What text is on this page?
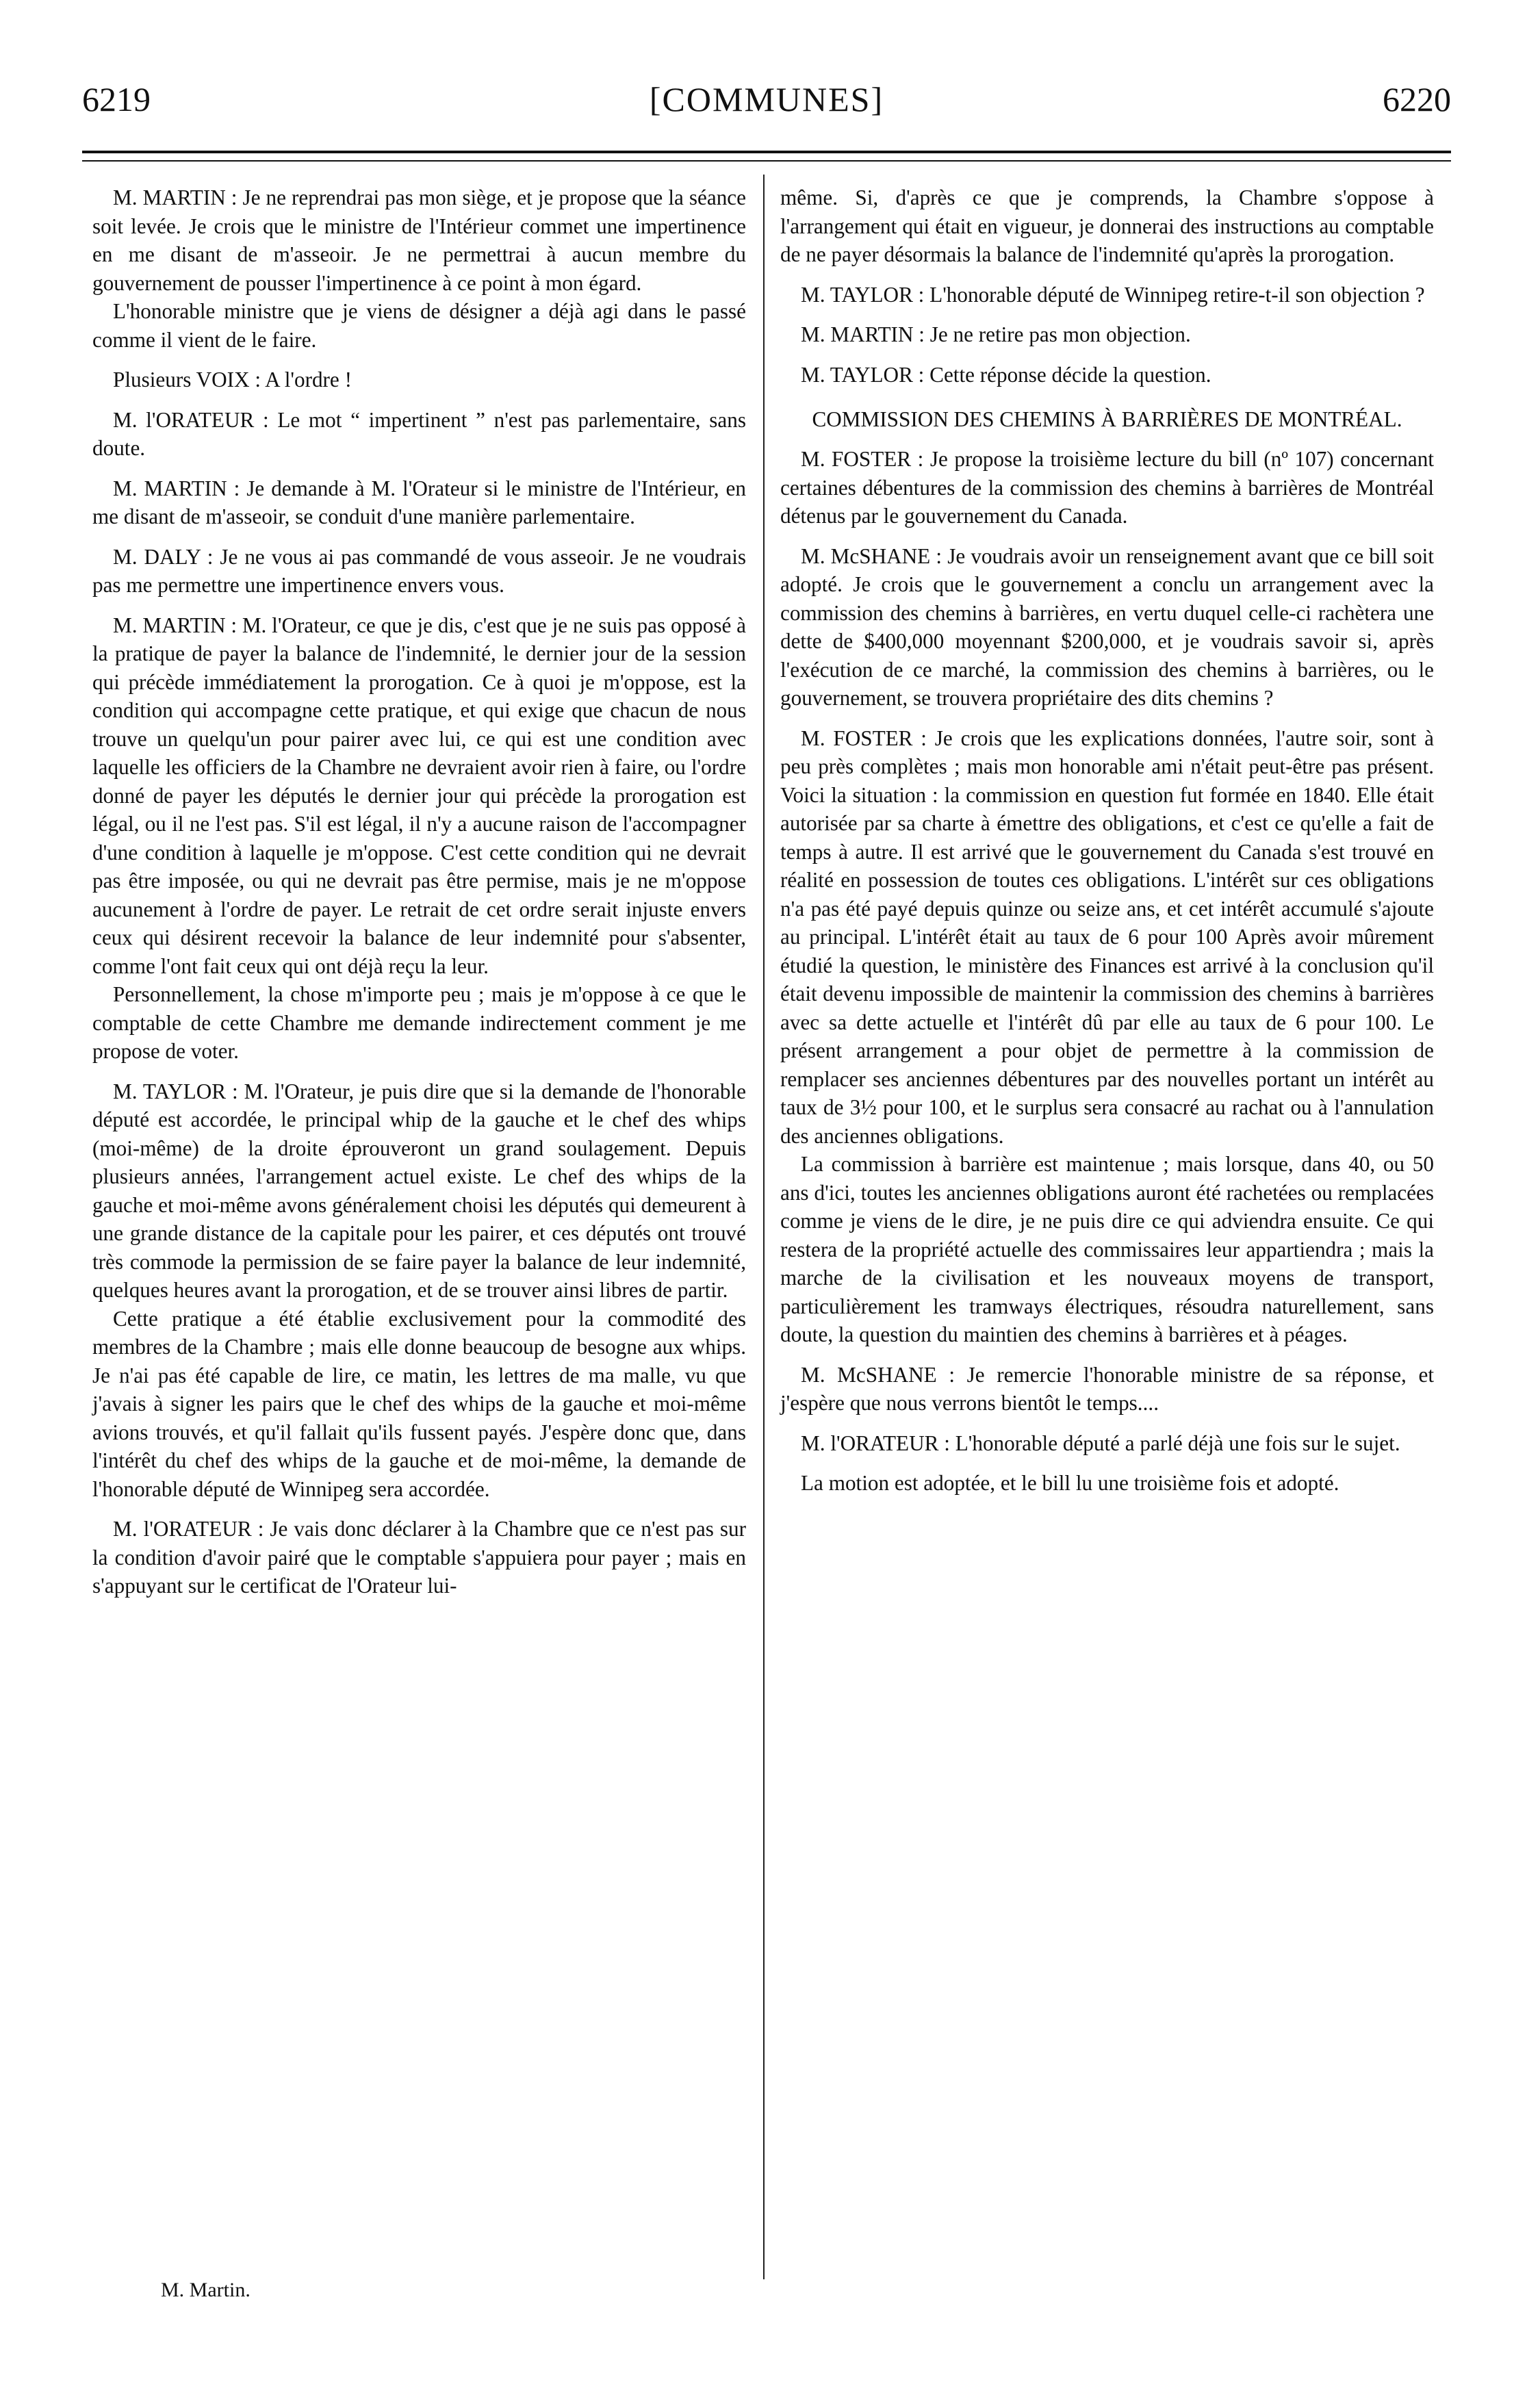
6219	[COMMUNES]	6220

M. MARTIN : Je ne reprendrai pas mon siège, et je propose que la séance soit levée. Je crois que le ministre de l'Intérieur commet une impertinence en me disant de m'asseoir. Je ne permettrai à aucun membre du gouvernement de pousser l'impertinence à ce point à mon égard.

L'honorable ministre que je viens de désigner a déjà agi dans le passé comme il vient de le faire.

Plusieurs VOIX : A l'ordre !

M. l'ORATEUR : Le mot “ impertinent ” n'est pas parlementaire, sans doute.

M. MARTIN : Je demande à M. l'Orateur si le ministre de l'Intérieur, en me disant de m'asseoir, se conduit d'une manière parlementaire.

M. DALY : Je ne vous ai pas commandé de vous asseoir. Je ne voudrais pas me permettre une impertinence envers vous.

M. MARTIN : M. l'Orateur, ce que je dis, c'est que je ne suis pas opposé à la pratique de payer la balance de l'indemnité, le dernier jour de la session qui précède immédiatement la prorogation. Ce à quoi je m'oppose, est la condition qui accompagne cette pratique, et qui exige que chacun de nous trouve un quelqu'un pour pairer avec lui, ce qui est une condition avec laquelle les officiers de la Chambre ne devraient avoir rien à faire, ou l'ordre donné de payer les députés le dernier jour qui précède la prorogation est légal, ou il ne l'est pas. S'il est légal, il n'y a aucune raison de l'accompagner d'une condition à laquelle je m'oppose. C'est cette condition qui ne devrait pas être imposée, ou qui ne devrait pas être permise, mais je ne m'oppose aucunement à l'ordre de payer. Le retrait de cet ordre serait injuste envers ceux qui désirent recevoir la balance de leur indemnité pour s'absenter, comme l'ont fait ceux qui ont déjà reçu la leur.

Personnellement, la chose m'importe peu ; mais je m'oppose à ce que le comptable de cette Chambre me demande indirectement comment je me propose de voter.

M. TAYLOR : M. l'Orateur, je puis dire que si la demande de l'honorable député est accordée, le principal whip de la gauche et le chef des whips (moi-même) de la droite éprouveront un grand soulagement. Depuis plusieurs années, l'arrangement actuel existe. Le chef des whips de la gauche et moi-même avons généralement choisi les députés qui demeurent à une grande distance de la capitale pour les pairer, et ces députés ont trouvé très commode la permission de se faire payer la balance de leur indemnité, quelques heures avant la prorogation, et de se trouver ainsi libres de partir.

Cette pratique a été établie exclusivement pour la commodité des membres de la Chambre ; mais elle donne beaucoup de besogne aux whips. Je n'ai pas été capable de lire, ce matin, les lettres de ma malle, vu que j'avais à signer les pairs que le chef des whips de la gauche et moi-même avions trouvés, et qu'il fallait qu'ils fussent payés. J'espère donc que, dans l'intérêt du chef des whips de la gauche et de moi-même, la demande de l'honorable député de Winnipeg sera accordée.

M. l'ORATEUR : Je vais donc déclarer à la Chambre que ce n'est pas sur la condition d'avoir pairé que le comptable s'appuiera pour payer ; mais en s'appuyant sur le certificat de l'Orateur lui-

même. Si, d'après ce que je comprends, la Chambre s'oppose à l'arrangement qui était en vigueur, je donnerai des instructions au comptable de ne payer désormais la balance de l'indemnité qu'après la prorogation.

M. TAYLOR : L'honorable député de Winnipeg retire-t-il son objection ?

M. MARTIN : Je ne retire pas mon objection.

M. TAYLOR : Cette réponse décide la question.

COMMISSION DES CHEMINS À BARRIÈRES DE MONTRÉAL.

M. FOSTER : Je propose la troisième lecture du bill (nº 107) concernant certaines débentures de la commission des chemins à barrières de Montréal détenus par le gouvernement du Canada.

M. McSHANE : Je voudrais avoir un renseignement avant que ce bill soit adopté. Je crois que le gouvernement a conclu un arrangement avec la commission des chemins à barrières, en vertu duquel celle-ci rachètera une dette de $400,000 moyennant $200,000, et je voudrais savoir si, après l'exécution de ce marché, la commission des chemins à barrières, ou le gouvernement, se trouvera propriétaire des dits chemins ?

M. FOSTER : Je crois que les explications données, l'autre soir, sont à peu près complètes ; mais mon honorable ami n'était peut-être pas présent. Voici la situation : la commission en question fut formée en 1840. Elle était autorisée par sa charte à émettre des obligations, et c'est ce qu'elle a fait de temps à autre. Il est arrivé que le gouvernement du Canada s'est trouvé en réalité en possession de toutes ces obligations. L'intérêt sur ces obligations n'a pas été payé depuis quinze ou seize ans, et cet intérêt accumulé s'ajoute au principal. L'intérêt était au taux de 6 pour 100 Après avoir mûrement étudié la question, le ministère des Finances est arrivé à la conclusion qu'il était devenu impossible de maintenir la commission des chemins à barrières avec sa dette actuelle et l'intérêt dû par elle au taux de 6 pour 100. Le présent arrangement a pour objet de permettre à la commission de remplacer ses anciennes débentures par des nouvelles portant un intérêt au taux de 3½ pour 100, et le surplus sera consacré au rachat ou à l'annulation des anciennes obligations.

La commission à barrière est maintenue ; mais lorsque, dans 40, ou 50 ans d'ici, toutes les anciennes obligations auront été rachetées ou remplacées comme je viens de le dire, je ne puis dire ce qui adviendra ensuite. Ce qui restera de la propriété actuelle des commissaires leur appartiendra ; mais la marche de la civilisation et les nouveaux moyens de transport, particulièrement les tramways électriques, résoudra naturellement, sans doute, la question du maintien des chemins à barrières et à péages.

M. McSHANE : Je remercie l'honorable ministre de sa réponse, et j'espère que nous verrons bientôt le temps....

M. l'ORATEUR : L'honorable député a parlé déjà une fois sur le sujet.

La motion est adoptée, et le bill lu une troisième fois et adopté.

M. Martin.
